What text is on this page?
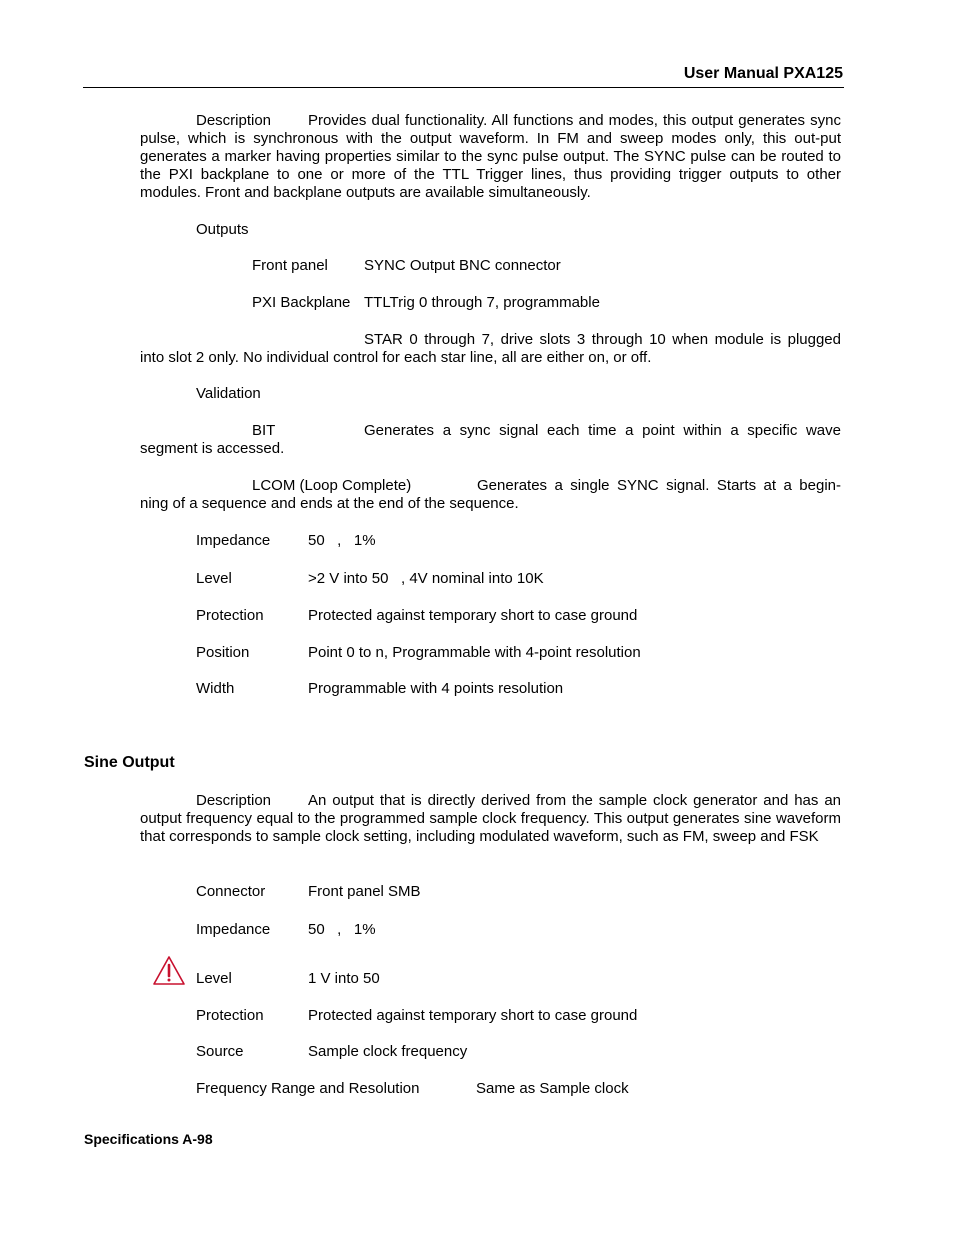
User Manual PXA125
Description Provides dual functionality. All functions and modes, this output generates sync pulse, which is synchronous with the output waveform. In FM and sweep modes only, this out-put generates a marker having properties similar to the sync pulse output. The SYNC pulse can be routed to the PXI backplane to one or more of the TTL Trigger lines, thus providing trigger outputs to other modules. Front and backplane outputs are available simultaneously.
Outputs
Front panel SYNC Output BNC connector
PXI Backplane TTLTrig 0 through 7, programmable
STAR 0 through 7, drive slots 3 through 10 when module is plugged into slot 2 only. No individual control for each star line, all are either on, or off.
Validation
BIT	Generates a sync signal each time a point within a specific wave segment is accessed.
LCOM (Loop Complete)	Generates a single SYNC signal. Starts at a begin-ning of a sequence and ends at the end of the sequence.
Impedance	50   ,   1%
Level	>2 V into 50   , 4V nominal into 10K
Protection	Protected against temporary short to case ground
Position	Point 0 to n, Programmable with 4-point resolution
Width	Programmable with 4 points resolution
Sine Output
Description An output that is directly derived from the sample clock generator and has an output frequency equal to the programmed sample clock frequency. This output generates sine waveform that corresponds to sample clock setting, including modulated waveform, such as FM, sweep and FSK
Connector	Front panel SMB
Impedance	50   ,   1%
Level	1 V into 50
Protection	Protected against temporary short to case ground
Source	Sample clock frequency
Frequency Range and Resolution	Same as Sample clock
Specifications A-98
